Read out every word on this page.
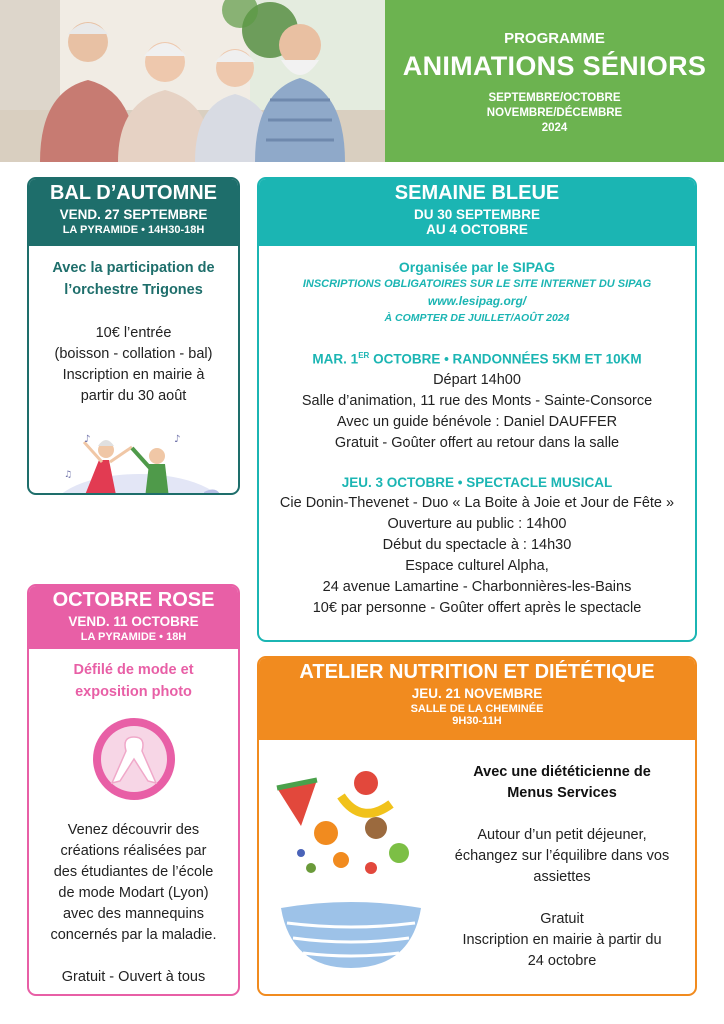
PROGRAMME
ANIMATIONS SÉNIORS
SEPTEMBRE/OCTOBRE
NOVEMBRE/DÉCEMBRE
2024
BAL D’AUTOMNE
VEND. 27 SEPTEMBRE
LA PYRAMIDE • 14H30-18H
Avec la participation de
l’orchestre Trigones
10€ l’entrée
(boisson - collation - bal)
Inscription en mairie à
partir du 30 août
♪	♪
♫
SEMAINE BLEUE
DU 30 SEPTEMBRE
AU 4 OCTOBRE
Organisée par le SIPAG
INSCRIPTIONS OBLIGATOIRES SUR LE SITE INTERNET DU SIPAG
www.lesipag.org/
À COMPTER DE JUILLET/AOÛT 2024
MAR. 1ER OCTOBRE • RANDONNÉES 5KM ET 10KM
Départ 14h00
Salle d’animation, 11 rue des Monts - Sainte-Consorce
Avec un guide bénévole : Daniel DAUFFER
Gratuit - Goûter offert au retour dans la salle
JEU. 3 OCTOBRE • SPECTACLE MUSICAL
Cie Donin-Thevenet - Duo « La Boite à Joie et Jour de Fête »
Ouverture au public : 14h00
Début du spectacle à : 14h30
Espace culturel Alpha,
24 avenue Lamartine - Charbonnières-les-Bains
10€ par personne - Goûter offert après le spectacle
OCTOBRE ROSE
VEND. 11 OCTOBRE
LA PYRAMIDE • 18H
Défilé de mode et
exposition photo
Venez découvrir des
créations réalisées par
des étudiantes de l’école
de mode Modart (Lyon)
avec des mannequins
concernés par la maladie.
Gratuit - Ouvert à tous
ATELIER NUTRITION ET DIÉTÉTIQUE
JEU. 21 NOVEMBRE
SALLE DE LA CHEMINÉE
9H30-11H
Avec une diététicienne de
Menus Services
Autour d’un petit déjeuner,
échangez sur l’équilibre dans vos
assiettes
Gratuit
Inscription en mairie à partir du
24 octobre
